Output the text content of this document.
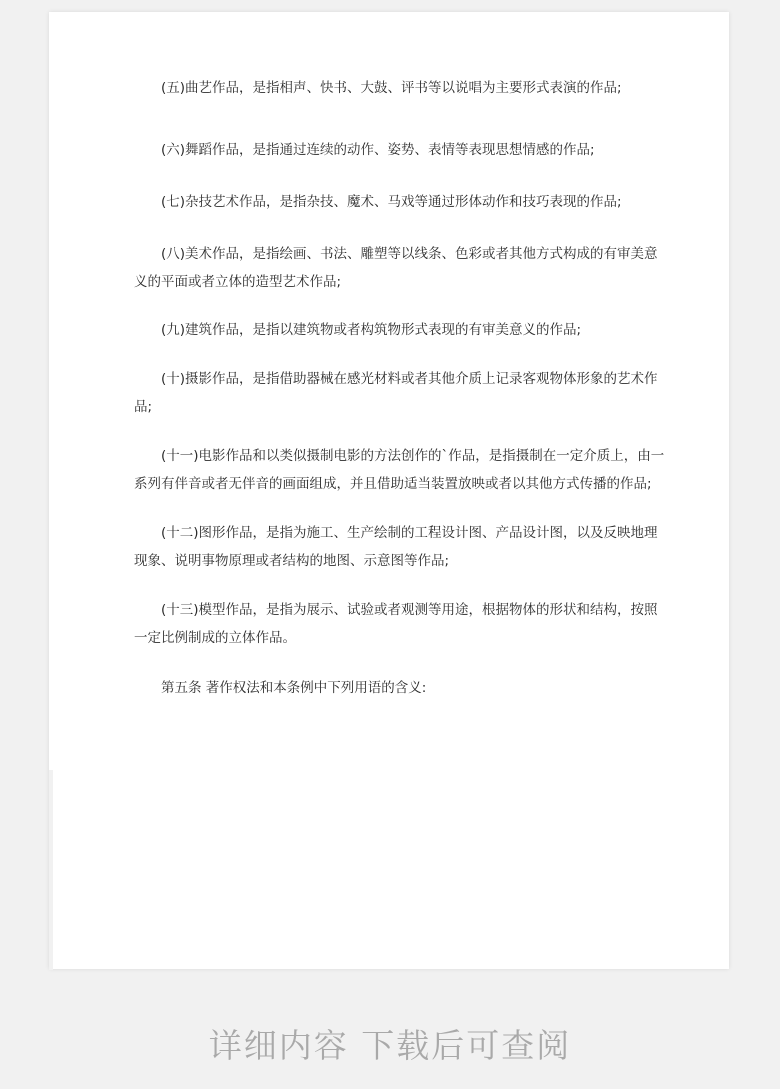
(五)曲艺作品，是指相声、快书、大鼓、评书等以说唱为主要形式表演的作品;
(六)舞蹈作品，是指通过连续的动作、姿势、表情等表现思想情感的作品;
(七)杂技艺术作品，是指杂技、魔术、马戏等通过形体动作和技巧表现的作品;
(八)美术作品，是指绘画、书法、雕塑等以线条、色彩或者其他方式构成的有审美意
义的平面或者立体的造型艺术作品;
(九)建筑作品，是指以建筑物或者构筑物形式表现的有审美意义的作品;
(十)摄影作品，是指借助器械在感光材料或者其他介质上记录客观物体形象的艺术作
品;
(十一)电影作品和以类似摄制电影的方法创作的`作品，是指摄制在一定介质上，由一
系列有伴音或者无伴音的画面组成，并且借助适当装置放映或者以其他方式传播的作品;
(十二)图形作品，是指为施工、生产绘制的工程设计图、产品设计图，以及反映地理
现象、说明事物原理或者结构的地图、示意图等作品;
(十三)模型作品，是指为展示、试验或者观测等用途，根据物体的形状和结构，按照
一定比例制成的立体作品。
第五条 著作权法和本条例中下列用语的含义:
详细内容 下载后可查阅
